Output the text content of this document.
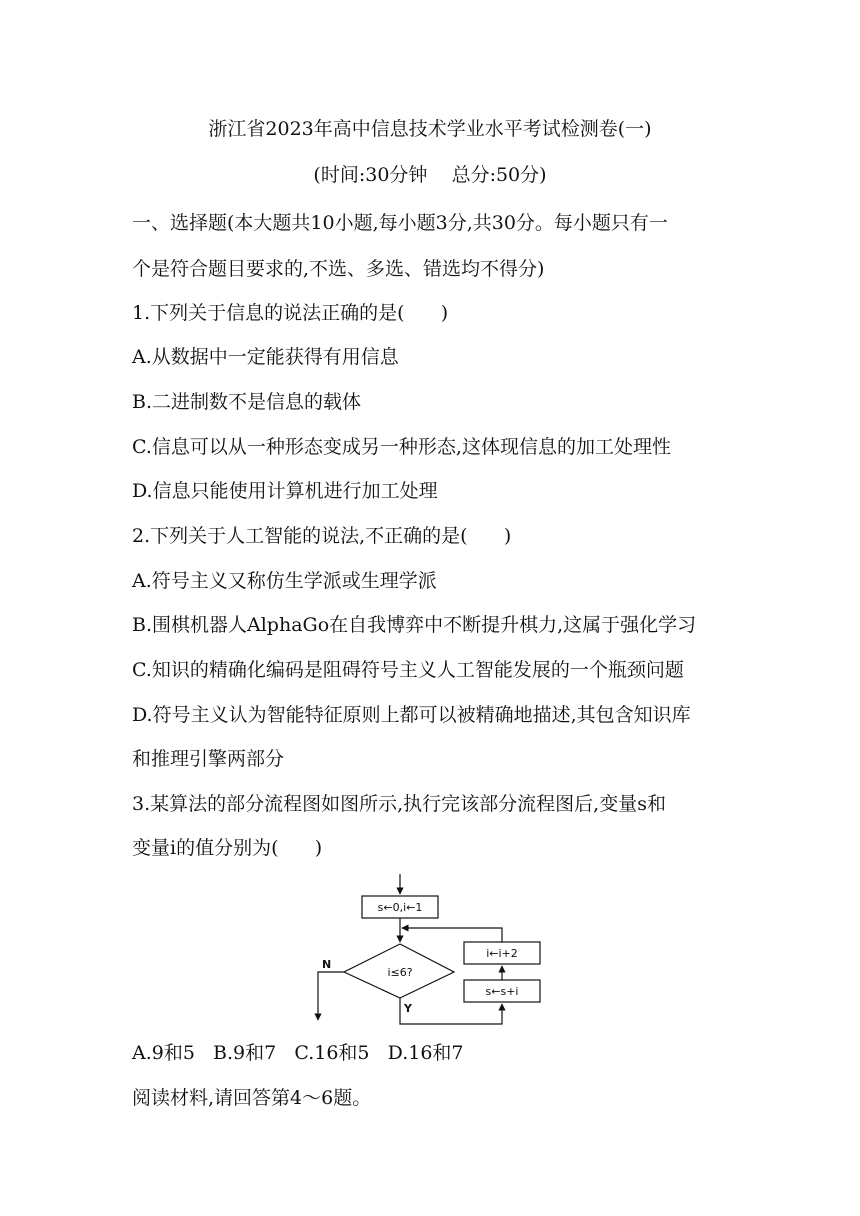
浙江省2023年高中信息技术学业水平考试检测卷(一)
(时间:30分钟    总分:50分)
一、选择题(本大题共10小题,每小题3分,共30分。每小题只有一
个是符合题目要求的,不选、多选、错选均不得分)
1.下列关于信息的说法正确的是(      )
A.从数据中一定能获得有用信息
B.二进制数不是信息的载体
C.信息可以从一种形态变成另一种形态,这体现信息的加工处理性
D.信息只能使用计算机进行加工处理
2.下列关于人工智能的说法,不正确的是(      )
A.符号主义又称仿生学派或生理学派
B.围棋机器人AlphaGo在自我博弈中不断提升棋力,这属于强化学习
C.知识的精确化编码是阻碍符号主义人工智能发展的一个瓶颈问题
D.符号主义认为智能特征原则上都可以被精确地描述,其包含知识库
和推理引擎两部分
3.某算法的部分流程图如图所示,执行完该部分流程图后,变量s和
变量i的值分别为(      )
s←0,i←1
i≤6?
N
Y
s←s+i
i←i+2
A.9和5   B.9和7   C.16和5   D.16和7
阅读材料,请回答第4～6题。
